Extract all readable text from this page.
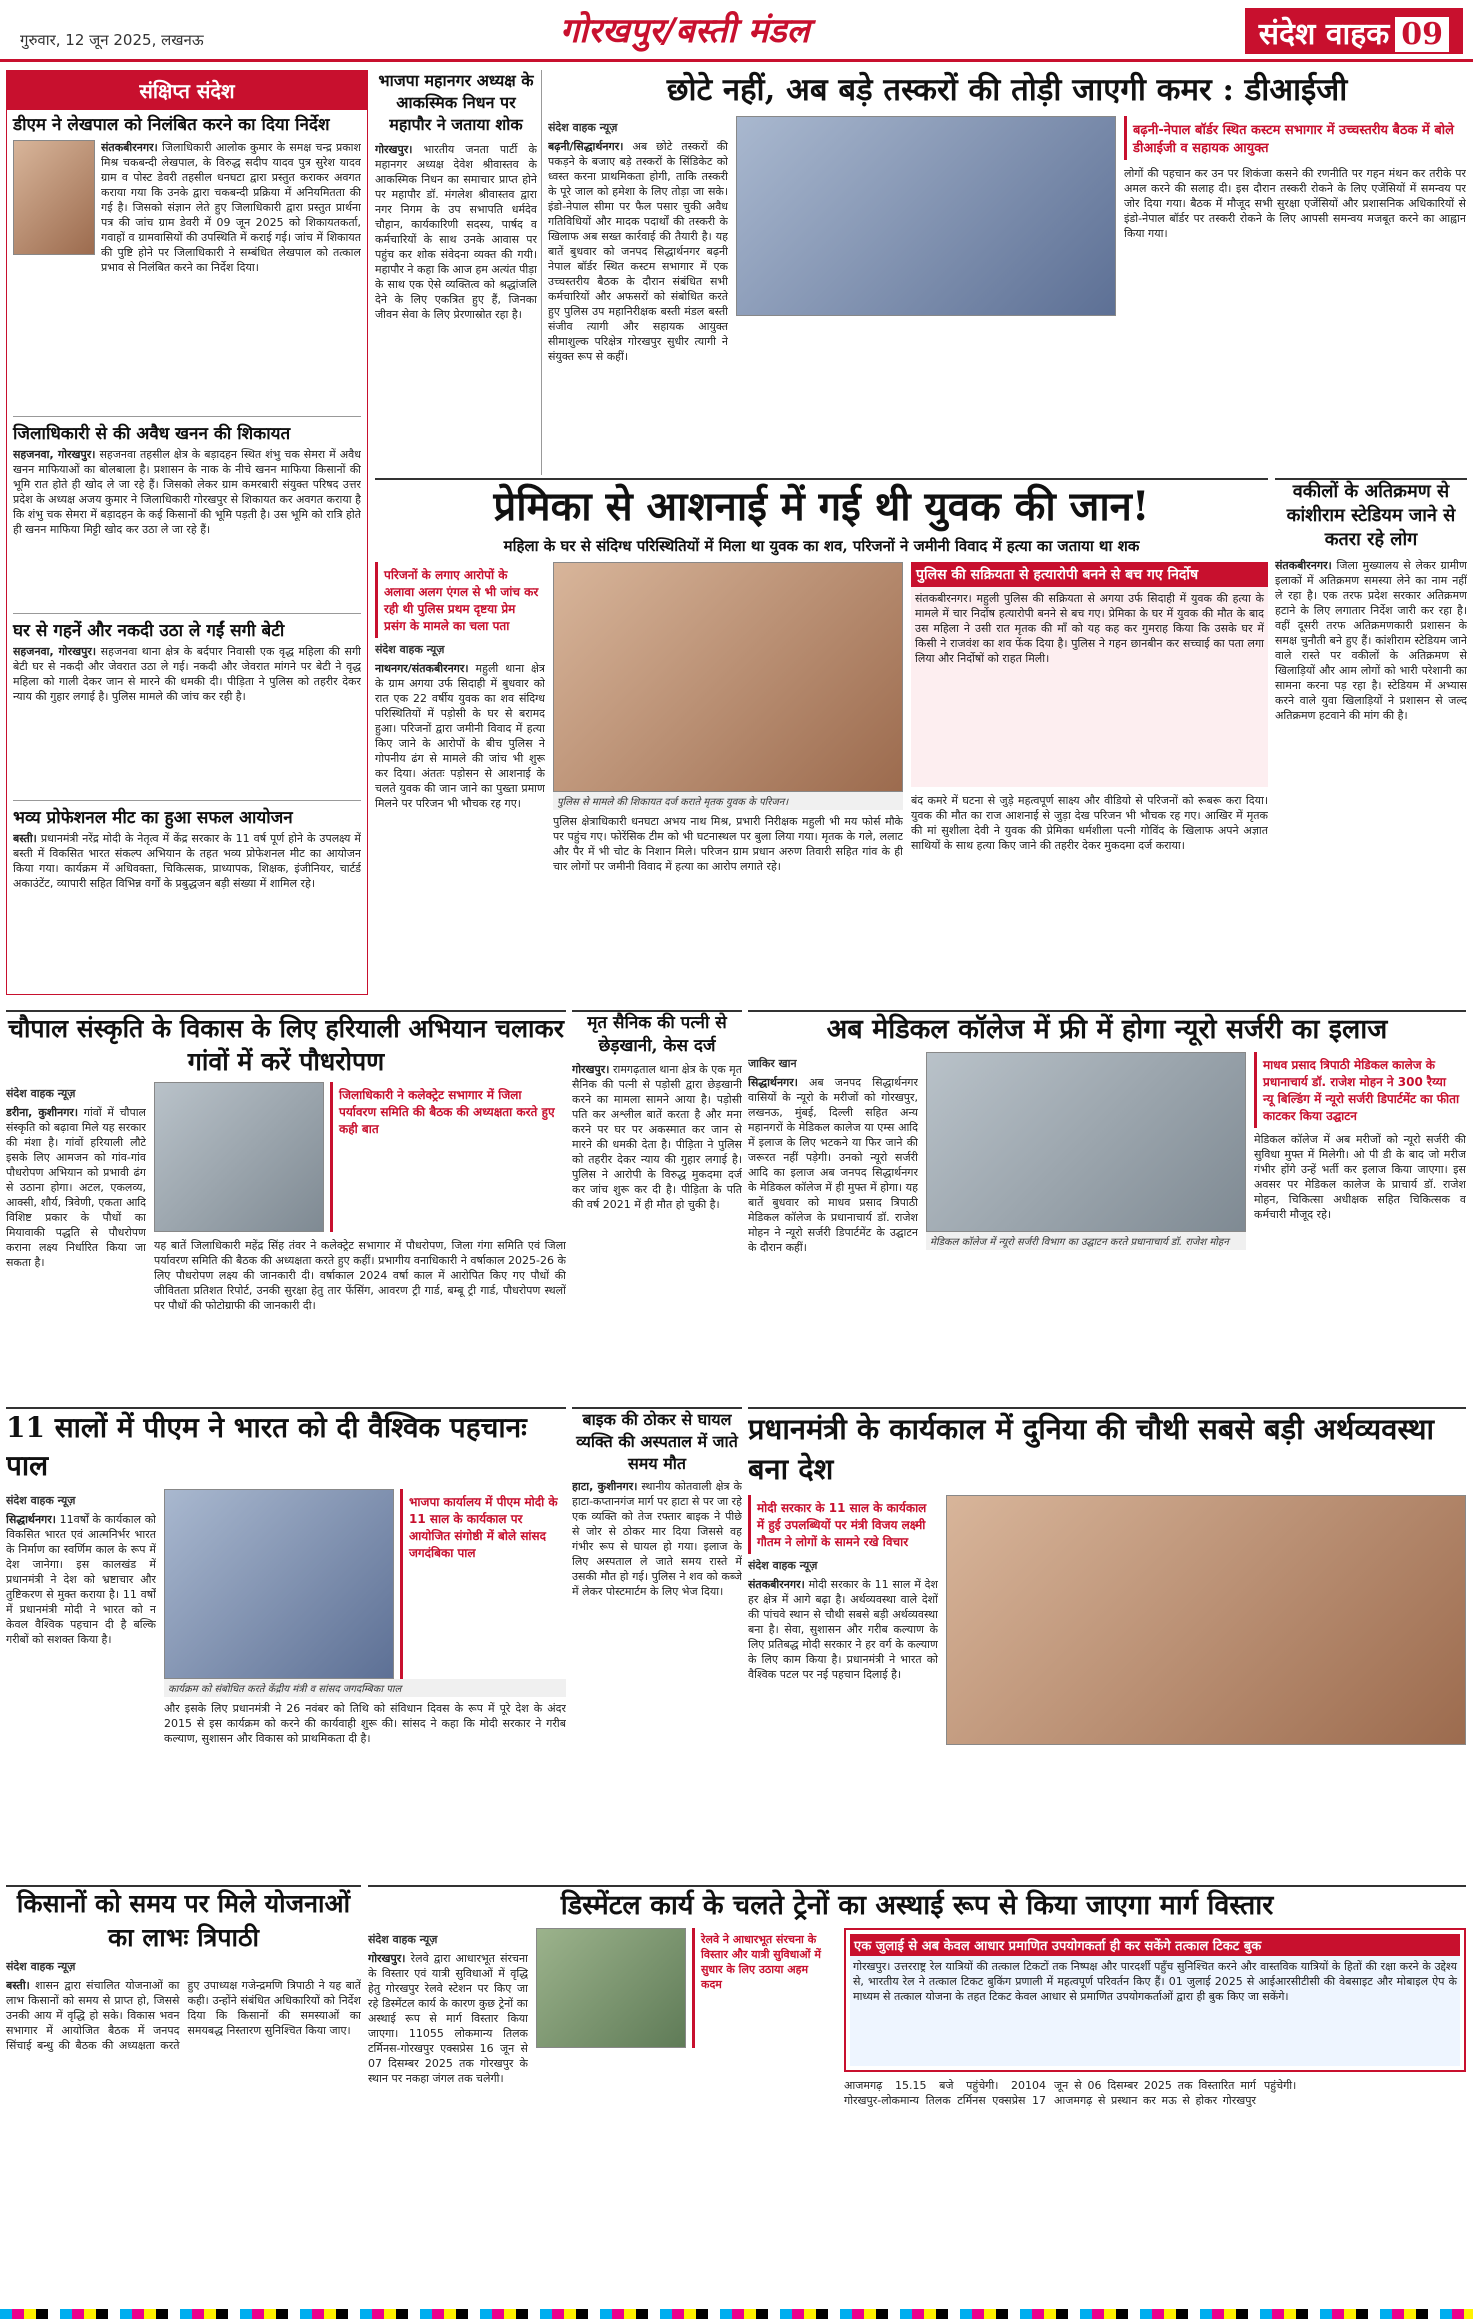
गुरुवार, 12 जून 2025, लखनऊ	गोरखपुर/बस्ती मंडल	संदेश वाहक 09
संक्षिप्त संदेश
डीएम ने लेखपाल को निलंबित करने का दिया निर्देश
संतकबीरनगर। जिलाधिकारी आलोक कुमार के समक्ष चन्द्र प्रकाश मिश्र चकबन्दी लेखपाल, के विरुद्ध सदीप यादव पुत्र सुरेश यादव ग्राम व पोस्ट डेवरी तहसील धनघटा द्वारा प्रस्तुत कराकर अवगत कराया गया कि उनके द्वारा चकबन्दी प्रक्रिया में अनियमितता की गई है। जिसको संज्ञान लेते हुए जिलाधिकारी द्वारा प्रस्तुत प्रार्थना पत्र की जांच ग्राम डेवरी में 09 जून 2025 को शिकायतकर्ता, गवाहों व ग्रामवासियों की उपस्थिति में कराई गई। जांच में शिकायत की पुष्टि होने पर जिलाधिकारी ने सम्बंधित लेखपाल को तत्काल प्रभाव से निलंबित करने का निर्देश दिया।
जिलाधिकारी से की अवैध खनन की शिकायत
सहजनवा, गोरखपुर। सहजनवा तहसील क्षेत्र के बड़ादहन स्थित शंभु चक सेमरा में अवैध खनन माफियाओं का बोलबाला है। प्रशासन के नाक के नीचे खनन माफिया किसानों की भूमि रात होते ही खोद ले जा रहे हैं। जिसको लेकर ग्राम कमरबारी संयुक्त परिषद उत्तर प्रदेश के अध्यक्ष अजय कुमार ने जिलाधिकारी गोरखपुर से शिकायत कर अवगत कराया है कि शंभु चक सेमरा में बड़ादहन के कई किसानों की भूमि पड़ती है। उस भूमि को रात्रि होते ही खनन माफिया मिट्टी खोद कर उठा ले जा रहे हैं।
घर से गहनें और नकदी उठा ले गईं सगी बेटी
सहजनवा, गोरखपुर। सहजनवा थाना क्षेत्र के बर्दपार निवासी एक वृद्ध महिला की सगी बेटी घर से नकदी और जेवरात उठा ले गई। नकदी और जेवरात मांगने पर बेटी ने वृद्ध महिला को गाली देकर जान से मारने की धमकी दी। पीड़िता ने पुलिस को तहरीर देकर न्याय की गुहार लगाई है। पुलिस मामले की जांच कर रही है।
भव्य प्रोफेशनल मीट का हुआ सफल आयोजन
बस्ती। प्रधानमंत्री नरेंद्र मोदी के नेतृत्व में केंद्र सरकार के 11 वर्ष पूर्ण होने के उपलक्ष्य में बस्ती में विकसित भारत संकल्प अभियान के तहत भव्य प्रोफेशनल मीट का आयोजन किया गया। कार्यक्रम में अधिवक्ता, चिकित्सक, प्राध्यापक, शिक्षक, इंजीनियर, चार्टर्ड अकाउंटेंट, व्यापारी सहित विभिन्न वर्गों के प्रबुद्धजन बड़ी संख्या में शामिल रहे।
भाजपा महानगर अध्यक्ष के आकस्मिक निधन पर महापौर ने जताया शोक
गोरखपुर। भारतीय जनता पार्टी के महानगर अध्यक्ष देवेश श्रीवास्तव के आकस्मिक निधन का समाचार प्राप्त होने पर महापौर डॉ. मंगलेश श्रीवास्तव द्वारा नगर निगम के उप सभापति धर्मदेव चौहान, कार्यकारिणी सदस्य, पार्षद व कर्मचारियों के साथ उनके आवास पर पहुंच कर शोक संवेदना व्यक्त की गयी। महापौर ने कहा कि आज हम अत्यंत पीड़ा के साथ एक ऐसे व्यक्तित्व को श्रद्धांजलि देने के लिए एकत्रित हुए हैं, जिनका जीवन सेवा के लिए प्रेरणास्रोत रहा है।
छोटे नहीं, अब बड़े तस्करों की तोड़ी जाएगी कमर : डीआईजी
संदेश वाहक न्यूज़
बढ़नी/सिद्धार्थनगर। अब छोटे तस्करों की पकड़ने के बजाए बड़े तस्करों के सिंडिकेट को ध्वस्त करना प्राथमिकता होगी, ताकि तस्करी के पूरे जाल को हमेशा के लिए तोड़ा जा सके। इंडो-नेपाल सीमा पर फैल पसार चुकी अवैध गतिविधियों और मादक पदार्थों की तस्करी के खिलाफ अब सख्त कार्रवाई की तैयारी है। यह बातें बुधवार को जनपद सिद्धार्थनगर बढ़नी नेपाल बॉर्डर स्थित कस्टम सभागार में एक उच्चस्तरीय बैठक के दौरान संबंधित सभी कर्मचारियों और अफसरों को संबोधित करते हुए पुलिस उप महानिरीक्षक बस्ती मंडल बस्ती संजीव त्यागी और सहायक आयुक्त सीमाशुल्क परिक्षेत्र गोरखपुर सुधीर त्यागी ने संयुक्त रूप से कहीं।
बढ़नी-नेपाल बॉर्डर स्थित कस्टम सभागार में उच्चस्तरीय बैठक में बोले डीआईजी व सहायक आयुक्त
लोगों की पहचान कर उन पर शिकंजा कसने की रणनीति पर गहन मंथन कर तरीके पर अमल करने की सलाह दी। इस दौरान तस्करी रोकने के लिए एजेंसियों में समन्वय पर जोर दिया गया। बैठक में मौजूद सभी सुरक्षा एजेंसियों और प्रशासनिक अधिकारियों से इंडो-नेपाल बॉर्डर पर तस्करी रोकने के लिए आपसी समन्वय मजबूत करने का आह्वान किया गया।
प्रेमिका से आशनाई में गई थी युवक की जान!
महिला के घर से संदिग्ध परिस्थितियों में मिला था युवक का शव, परिजनों ने जमीनी विवाद में हत्या का जताया था शक
परिजनों के लगाए आरोपों के अलावा अलग एंगल से भी जांच कर रही थी पुलिस प्रथम दृष्टया प्रेम प्रसंग के मामले का चला पता
संदेश वाहक न्यूज़
नाथनगर/संतकबीरनगर। महुली थाना क्षेत्र के ग्राम अगया उर्फ सिदाही में बुधवार को रात एक 22 वर्षीय युवक का शव संदिग्ध परिस्थितियों में पड़ोसी के घर से बरामद हुआ। परिजनों द्वारा जमीनी विवाद में हत्या किए जाने के आरोपों के बीच पुलिस ने गोपनीय ढंग से मामले की जांच भी शुरू कर दिया। अंततः पड़ोसन से आशनाई के चलते युवक की जान जाने का पुख्ता प्रमाण मिलने पर परिजन भी भौचक रह गए।	पुलिस से मामले की शिकायत दर्ज कराते मृतक युवक के परिजन।
पुलिस क्षेत्राधिकारी धनघटा अभय नाथ मिश्र, प्रभारी निरीक्षक महुली भी मय फोर्स मौके पर पहुंच गए। फोरेंसिक टीम को भी घटनास्थल पर बुला लिया गया। मृतक के गले, ललाट और पैर में भी चोट के निशान मिले। परिजन ग्राम प्रधान अरुण तिवारी सहित गांव के ही चार लोगों पर जमीनी विवाद में हत्या का आरोप लगाते रहे।
पुलिस की सक्रियता से हत्यारोपी बनने से बच गए निर्दोष
संतकबीरनगर। महुली पुलिस की सक्रियता से अगया उर्फ सिदाही में युवक की हत्या के मामले में चार निर्दोष हत्यारोपी बनने से बच गए। प्रेमिका के घर में युवक की मौत के बाद उस महिला ने उसी रात मृतक की माँ को यह कह कर गुमराह किया कि उसके घर में किसी ने राजवंश का शव फेंक दिया है। पुलिस ने गहन छानबीन कर सच्चाई का पता लगा लिया और निर्दोषों को राहत मिली।
बंद कमरे में घटना से जुड़े महत्वपूर्ण साक्ष्य और वीडियो से परिजनों को रूबरू करा दिया। युवक की मौत का राज आशनाई से जुड़ा देख परिजन भी भौचक रह गए। आखिर में मृतक की मां सुशीला देवी ने युवक की प्रेमिका धर्मशीला पत्नी गोविंद के खिलाफ अपने अज्ञात साथियों के साथ हत्या किए जाने की तहरीर देकर मुकदमा दर्ज कराया।
वकीलों के अतिक्रमण से कांशीराम स्टेडियम जाने से कतरा रहे लोग
संतकबीरनगर। जिला मुख्यालय से लेकर ग्रामीण इलाकों में अतिक्रमण समस्या लेने का नाम नहीं ले रहा है। एक तरफ प्रदेश सरकार अतिक्रमण हटाने के लिए लगातार निर्देश जारी कर रहा है। वहीं दूसरी तरफ अतिक्रमणकारी प्रशासन के समक्ष चुनौती बने हुए हैं। कांशीराम स्टेडियम जाने वाले रास्ते पर वकीलों के अतिक्रमण से खिलाड़ियों और आम लोगों को भारी परेशानी का सामना करना पड़ रहा है। स्टेडियम में अभ्यास करने वाले युवा खिलाड़ियों ने प्रशासन से जल्द अतिक्रमण हटवाने की मांग की है।
चौपाल संस्कृति के विकास के लिए हरियाली अभियान चलाकर गांवों में करें पौधरोपण
संदेश वाहक न्यूज़
डरीना, कुशीनगर। गांवों में चौपाल संस्कृति को बढ़ावा मिले यह सरकार की मंशा है। गांवों हरियाली लौटे इसके लिए आमजन को गांव-गांव पौधरोपण अभियान को प्रभावी ढंग से उठाना होगा। अटल, एकलव्य, आक्सी, शौर्य, त्रिवेणी, एकता आदि विशिष्ट प्रकार के पौधों का मियावाकी पद्धति से पौधरोपण कराना लक्ष्य निर्धारित किया जा सकता है।
जिलाधिकारी ने कलेक्ट्रेट सभागार में जिला पर्यावरण समिति की बैठक की अध्यक्षता करते हुए कही बात
यह बातें जिलाधिकारी महेंद्र सिंह तंवर ने कलेक्ट्रेट सभागार में पौधरोपण, जिला गंगा समिति एवं जिला पर्यावरण समिति की बैठक की अध्यक्षता करते हुए कहीं। प्रभागीय वनाधिकारी ने वर्षाकाल 2025-26 के लिए पौधरोपण लक्ष्य की जानकारी दी। वर्षाकाल 2024 वर्षा काल में आरोपित किए गए पौधों की जीवितता प्रतिशत रिपोर्ट, उनकी सुरक्षा हेतु तार फेंसिंग, आवरण ट्री गार्ड, बम्बू ट्री गार्ड, पौधरोपण स्थलों पर पौधों की फोटोग्राफी की जानकारी दी।
मृत सैनिक की पत्नी से छेड़खानी, केस दर्ज
गोरखपुर। रामगढ़ताल थाना क्षेत्र के एक मृत सैनिक की पत्नी से पड़ोसी द्वारा छेड़खानी करने का मामला सामने आया है। पड़ोसी पति कर अश्लील बातें करता है और मना करने पर घर पर अकस्मात कर जान से मारने की धमकी देता है। पीड़िता ने पुलिस को तहरीर देकर न्याय की गुहार लगाई है। पुलिस ने आरोपी के विरुद्ध मुकदमा दर्ज कर जांच शुरू कर दी है। पीड़िता के पति की वर्ष 2021 में ही मौत हो चुकी है।
अब मेडिकल कॉलेज में फ्री में होगा न्यूरो सर्जरी का इलाज
जाकिर खान
सिद्धार्थनगर। अब जनपद सिद्धार्थनगर वासियों के न्यूरो के मरीजों को गोरखपुर, लखनऊ, मुंबई, दिल्ली सहित अन्य महानगरों के मेडिकल कालेज या एम्स आदि में इलाज के लिए भटकने या फिर जाने की जरूरत नहीं पड़ेगी। उनको न्यूरो सर्जरी आदि का इलाज अब जनपद सिद्धार्थनगर के मेडिकल कॉलेज में ही मुफ्त में होगा। यह बातें बुधवार को माधव प्रसाद त्रिपाठी मेडिकल कॉलेज के प्रधानाचार्य डॉ. राजेश मोहन ने न्यूरो सर्जरी डिपार्टमेंट के उद्घाटन के दौरान कहीं।	मेडिकल कॉलेज में न्यूरो सर्जरी विभाग का उद्घाटन करते प्रधानाचार्य डॉ. राजेश मोहन
माधव प्रसाद त्रिपाठी मेडिकल कालेज के प्रधानाचार्य डॉ. राजेश मोहन ने 300 रैय्या न्यू बिल्डिंग में न्यूरो सर्जरी डिपार्टमेंट का फीता काटकर किया उद्घाटन
मेडिकल कॉलेज में अब मरीजों को न्यूरो सर्जरी की सुविधा मुफ्त में मिलेगी। ओ पी डी के बाद जो मरीज गंभीर होंगे उन्हें भर्ती कर इलाज किया जाएगा। इस अवसर पर मेडिकल कालेज के प्राचार्य डॉ. राजेश मोहन, चिकित्सा अधीक्षक सहित चिकित्सक व कर्मचारी मौजूद रहे।
11 सालों में पीएम ने भारत को दी वैश्विक पहचानः पाल
संदेश वाहक न्यूज़
सिद्धार्थनगर। 11वर्षों के कार्यकाल को विकसित भारत एवं आत्मनिर्भर भारत के निर्माण का स्वर्णिम काल के रूप में देश जानेगा। इस कालखंड में प्रधानमंत्री ने देश को भ्रष्टाचार और तुष्टिकरण से मुक्त कराया है। 11 वर्षों में प्रधानमंत्री मोदी ने भारत को न केवल वैश्विक पहचान दी है बल्कि गरीबों को सशक्त किया है।
भाजपा कार्यालय में पीएम मोदी के 11 साल के कार्यकाल पर आयोजित संगोष्ठी में बोले सांसद जगदंबिका पाल
कार्यक्रम को संबोधित करते केंद्रीय मंत्री व सांसद जगदम्बिका पाल
और इसके लिए प्रधानमंत्री ने 26 नवंबर को तिथि को संविधान दिवस के रूप में पूरे देश के अंदर 2015 से इस कार्यक्रम को करने की कार्यवाही शुरू की। सांसद ने कहा कि मोदी सरकार ने गरीब कल्याण, सुशासन और विकास को प्राथमिकता दी है।
बाइक की ठोकर से घायल व्यक्ति की अस्पताल में जाते समय मौत
हाटा, कुशीनगर। स्थानीय कोतवाली क्षेत्र के हाटा-कप्तानगंज मार्ग पर हाटा से पर जा रहे एक व्यक्ति को तेज रफ्तार बाइक ने पीछे से जोर से ठोकर मार दिया जिससे वह गंभीर रूप से घायल हो गया। इलाज के लिए अस्पताल ले जाते समय रास्ते में उसकी मौत हो गई। पुलिस ने शव को कब्जे में लेकर पोस्टमार्टम के लिए भेज दिया।
प्रधानमंत्री के कार्यकाल में दुनिया की चौथी सबसे बड़ी अर्थव्यवस्था बना देश
मोदी सरकार के 11 साल के कार्यकाल में हुई उपलब्धियों पर मंत्री विजय लक्ष्मी गौतम ने लोगों के सामने रखे विचार
संदेश वाहक न्यूज़
संतकबीरनगर। मोदी सरकार के 11 साल में देश हर क्षेत्र में आगे बढ़ा है। अर्थव्यवस्था वाले देशों की पांचवे स्थान से चौथी सबसे बड़ी अर्थव्यवस्था बना है। सेवा, सुशासन और गरीब कल्याण के लिए प्रतिबद्ध मोदी सरकार ने हर वर्ग के कल्याण के लिए काम किया है। प्रधानमंत्री ने भारत को वैश्विक पटल पर नई पहचान दिलाई है।
किसानों को समय पर मिले योजनाओं का लाभः त्रिपाठी
संदेश वाहक न्यूज़
बस्ती। शासन द्वारा संचालित योजनाओं का लाभ किसानों को समय से प्राप्त हो, जिससे उनकी आय में वृद्धि हो सके। विकास भवन सभागार में आयोजित बैठक में जनपद सिंचाई बन्धु की बैठक की अध्यक्षता करते हुए उपाध्यक्ष गजेन्द्रमणि त्रिपाठी ने यह बातें कही। उन्होंने संबंधित अधिकारियों को निर्देश दिया कि किसानों की समस्याओं का समयबद्ध निस्तारण सुनिश्चित किया जाए।
डिस्मेंटल कार्य के चलते ट्रेनों का अस्थाई रूप से किया जाएगा मार्ग विस्तार
संदेश वाहक न्यूज़
गोरखपुर। रेलवे द्वारा आधारभूत संरचना के विस्तार एवं यात्री सुविधाओं में वृद्धि हेतु गोरखपुर रेलवे स्टेशन पर किए जा रहे डिस्मेंटल कार्य के कारण कुछ ट्रेनों का अस्थाई रूप से मार्ग विस्तार किया जाएगा। 11055 लोकमान्य तिलक टर्मिनस-गोरखपुर एक्सप्रेस 16 जून से 07 दिसम्बर 2025 तक गोरखपुर के स्थान पर नकहा जंगल तक चलेगी।
रेलवे ने आधारभूत संरचना के विस्तार और यात्री सुविधाओं में सुधार के लिए उठाया अहम कदम
एक जुलाई से अब केवल आधार प्रमाणित उपयोगकर्ता ही कर सकेंगे तत्काल टिकट बुक
गोरखपुर। उत्तरराष्ट्र रेल यात्रियों की तत्काल टिकटों तक निष्पक्ष और पारदर्शी पहुँच सुनिश्चित करने और वास्तविक यात्रियों के हितों की रक्षा करने के उद्देश्य से, भारतीय रेल ने तत्काल टिकट बुकिंग प्रणाली में महत्वपूर्ण परिवर्तन किए हैं। 01 जुलाई 2025 से आईआरसीटीसी की वेबसाइट और मोबाइल ऐप के माध्यम से तत्काल योजना के तहत टिकट केवल आधार से प्रमाणित उपयोगकर्ताओं द्वारा ही बुक किए जा सकेंगे।
आजमगढ़ 15.15 बजे पहुंचेगी। 20104 गोरखपुर-लोकमान्य तिलक टर्मिनस एक्सप्रेस 17 जून से 06 दिसम्बर 2025 तक विस्तारित मार्ग आजमगढ़ से प्रस्थान कर मऊ से होकर गोरखपुर पहुंचेगी।
